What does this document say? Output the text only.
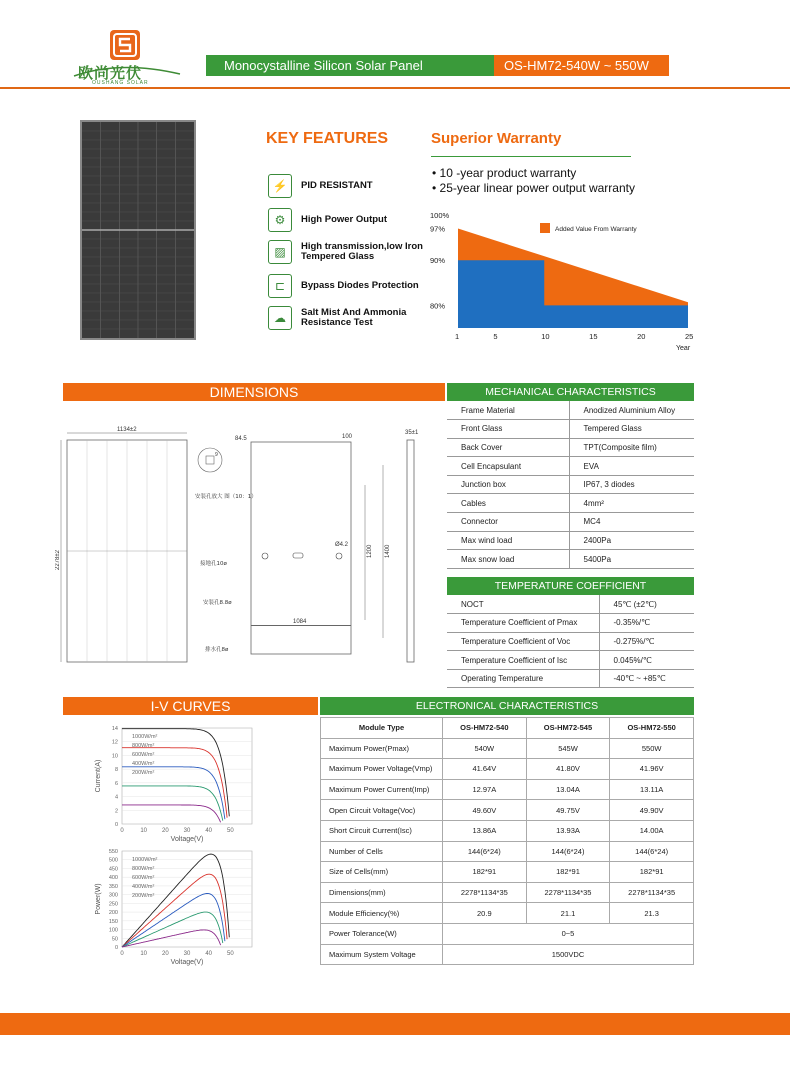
欧尚光伏
OUSHANG SOLAR
Monocystalline Silicon Solar Panel	OS-HM72-540W ~ 550W
KEY FEATURES
⚡	PID RESISTANT
⚙	High Power Output
▨	High transmission,low Iron Tempered Glass
⊏	Bypass Diodes Protection
☁	Salt Mist And Ammonia Resistance Test
Superior Warranty
• 10 -year product warranty
• 25-year linear power output warranty
100%
97%
90%
80%
1	5	10	15	20	25
Year
Added Value From Warranty
DIMENSIONS	MECHANICAL CHARACTERISTICS
1134±2
2278±2
安装孔放大 图（10：1）
84.5	100
9
接地孔10ø
安装孔8.8ø
排水孔8ø
1084
Ø4.2	1200 1400
35±1
Frame Material	Anodized Aluminium Alloy
Front Glass	Tempered Glass
Back Cover	TPT(Composite film)
Cell Encapsulant	EVA
Junction box	IP67, 3 diodes
Cables	4mm²
Connector	MC4
Max wind load	2400Pa
Max snow load	5400Pa
TEMPERATURE COEFFICIENT
NOCT	45℃ (±2℃)
Temperature Coefficient of Pmax	-0.35%/℃
Temperature Coefficient of Voc	-0.275%/℃
Temperature Coefficient of Isc	0.045%/℃
Operating Temperature	-40℃ ~ +85℃
I-V CURVES	ELECTRONICAL CHARACTERISTICS
0
2
4
6
8
10
12
14
0	10 20 30 40 50
Voltage(V)
Current(A)
1000W/m²
800W/m²
600W/m²
400W/m²
200W/m²
0
50
100
150
200
250
300
350
400
450
500
550
0	10 20 30 40 50
Voltage(V)
Power(W)
1000W/m²
800W/m²
600W/m²
400W/m²
200W/m²
Module Type	OS-HM72-540	OS-HM72-545	OS-HM72-550
Maximum Power(Pmax)	540W	545W	550W
Maximum Power Voltage(Vmp)	41.64V	41.80V	41.96V
Maximum Power Current(Imp)	12.97A	13.04A	13.11A
Open Circuit Voltage(Voc)	49.60V	49.75V	49.90V
Short Circuit Current(Isc)	13.86A	13.93A	14.00A
Number of Cells	144(6*24)	144(6*24)	144(6*24)
Size of Cells(mm)	182*91	182*91	182*91
Dimensions(mm)	2278*1134*35	2278*1134*35	2278*1134*35
Module Efficiency(%)	20.9	21.1	21.3
Power Tolerance(W)	0~5		
Maximum System Voltage	1500VDC		
